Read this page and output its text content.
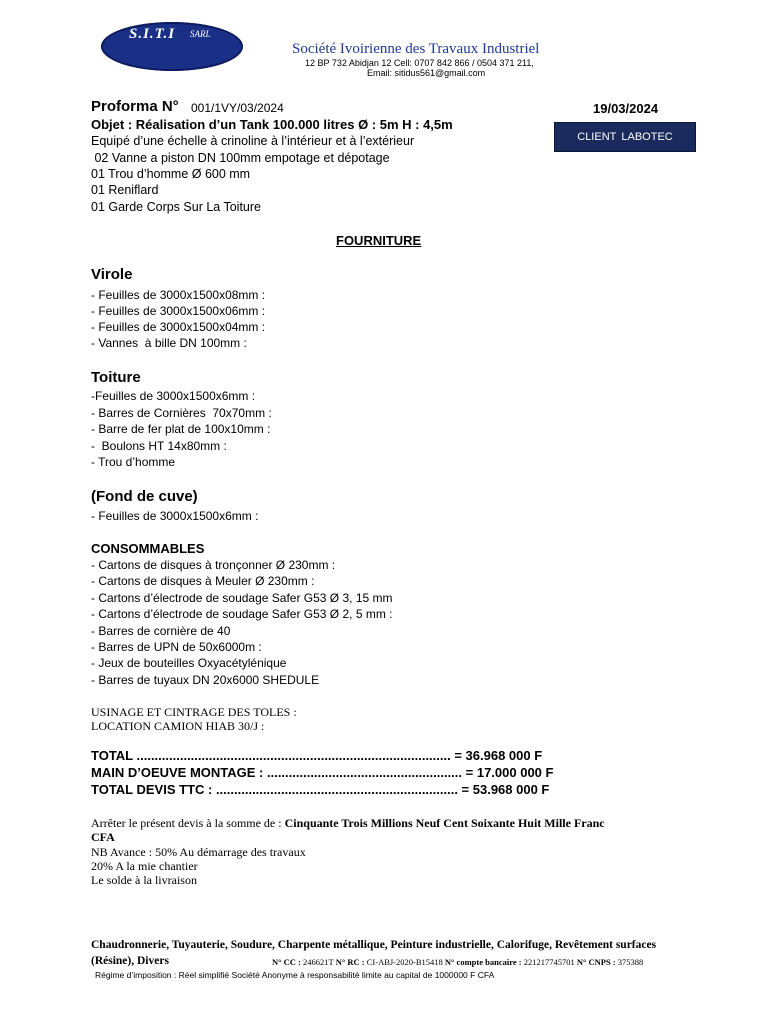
S.I.T.I SARL
Société Ivoirienne des Travaux Industriel
12 BP 732 Abidjan 12 Cell: 0707 842 866 / 0504 371 211,
Email: sitidus561@gmail.com
Proforma N° 001/1VY/03/2024	19/03/2024
CLIENT LABOTEC
Objet : Réalisation d’un Tank 100.000 litres Ø : 5m H : 4,5m
Equipé d’une échelle à crinoline à l’intérieur et à l’extérieur
02 Vanne a piston DN 100mm empotage et dépotage
01 Trou d’homme Ø 600 mm
01 Reniflard
01 Garde Corps Sur La Toiture
FOURNITURE
Virole
- Feuilles de 3000x1500x08mm :
- Feuilles de 3000x1500x06mm :
- Feuilles de 3000x1500x04mm :
- Vannes  à bille DN 100mm :
Toiture
-Feuilles de 3000x1500x6mm :
- Barres de Cornières  70x70mm :
- Barre de fer plat de 100x10mm :
-  Boulons HT 14x80mm :
- Trou d’homme
(Fond de cuve)
- Feuilles de 3000x1500x6mm :
CONSOMMABLES
- Cartons de disques à tronçonner Ø 230mm :
- Cartons de disques à Meuler Ø 230mm :
- Cartons d’électrode de soudage Safer G53 Ø 3, 15 mm
- Cartons d’électrode de soudage Safer G53 Ø 2, 5 mm :
- Barres de cornière de 40
- Barres de UPN de 50x6000m :
- Jeux de bouteilles Oxyacétylénique
- Barres de tuyaux DN 20x6000 SHEDULE
USINAGE ET CINTRAGE DES TOLES :
LOCATION CAMION HIAB 30/J :
TOTAL ....................................................................................... = 36.968 000 F
MAIN D’OEUVE MONTAGE : ...................................................... = 17.000 000 F
TOTAL DEVIS TTC : ................................................................... = 53.968 000 F
Arrêter le présent devis à la somme de : Cinquante Trois Millions Neuf Cent Soixante Huit Mille Franc
CFA
NB Avance : 50% Au démarrage des travaux
20% A la mie chantier
Le solde à la livraison
Chaudronnerie, Tuyauterie, Soudure, Charpente métallique, Peinture industrielle, Calorifuge, Revêtement surfaces
(Résine), Divers	N° CC : 246621T N° RC : CI-ABJ-2020-B15418 N° compte bancaire : 221217745701 N° CNPS : 375388
Régime d’imposition : Réel simplifié Société Anonyme à responsabilité limite au capital de 1000000 F CFA
